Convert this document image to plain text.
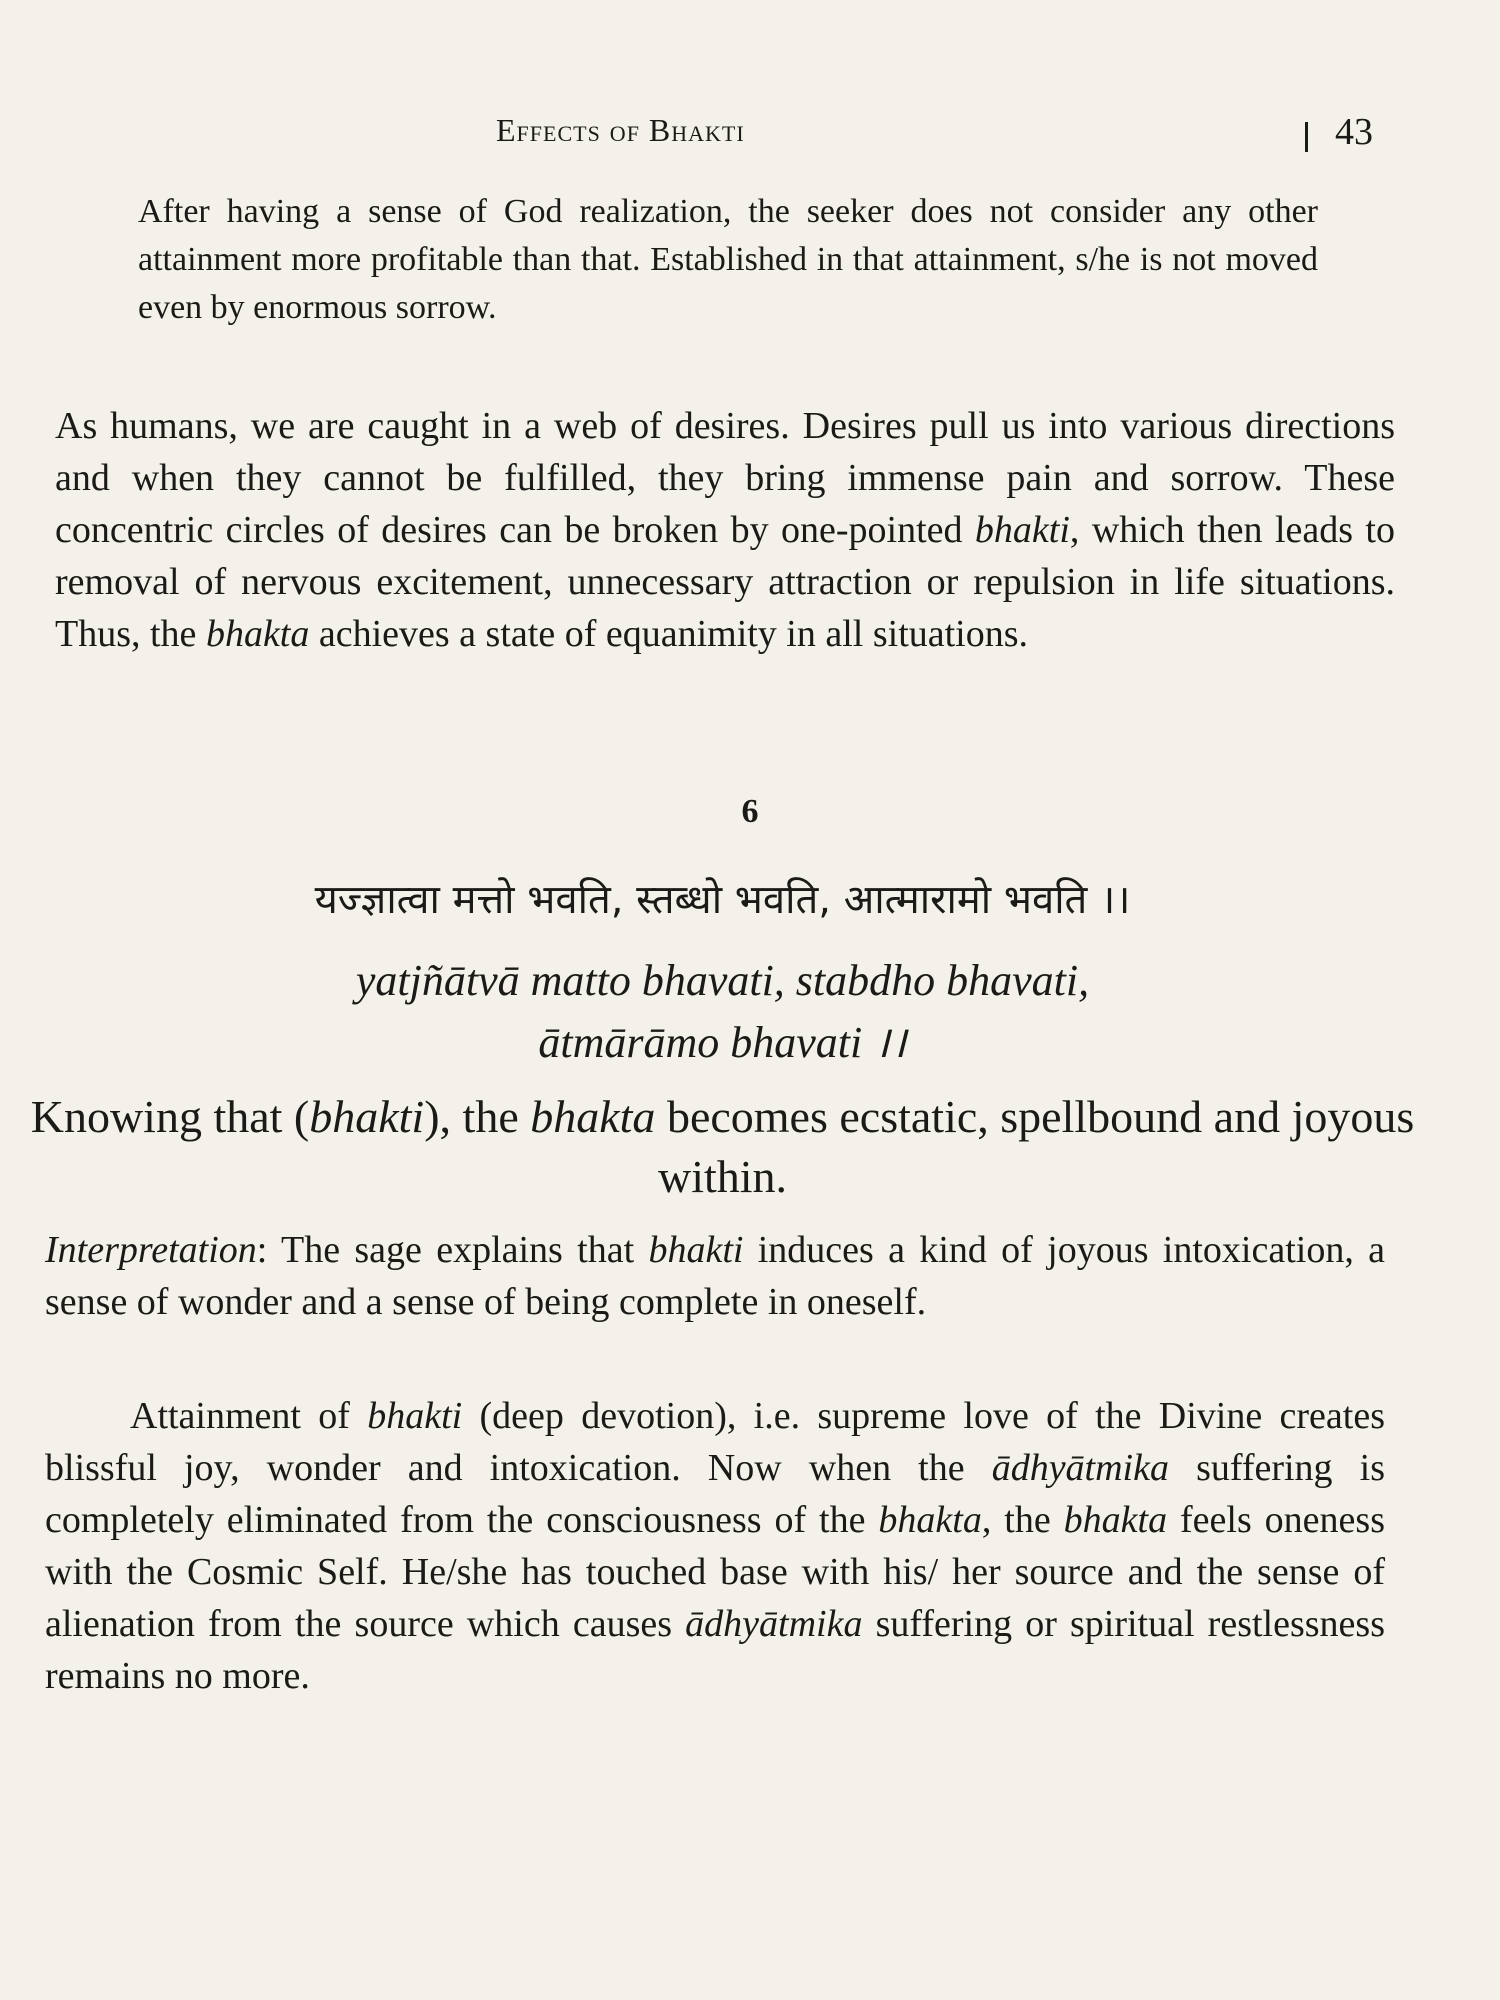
Effects of Bhakti	43

After having a sense of God realization, the seeker does not consider any other attainment more profitable than that. Established in that attainment, s/he is not moved even by enormous sorrow.

As humans, we are caught in a web of desires. Desires pull us into various directions and when they cannot be fulfilled, they bring immense pain and sorrow. These concentric circles of desires can be broken by one-pointed bhakti, which then leads to removal of nervous excitement, unnecessary attraction or repulsion in life situations. Thus, the bhakta achieves a state of equanimity in all situations.

6
यज्ज्ञात्वा मत्तो भवति, स्तब्धो भवति, आत्मारामो भवति ।।
yatjñātvā matto bhavati, stabdho bhavati,
ātmārāmo bhavati ।।
Knowing that (bhakti), the bhakta becomes ecstatic, spellbound and joyous within.

Interpretation: The sage explains that bhakti induces a kind of joyous intoxication, a sense of wonder and a sense of being complete in oneself.

Attainment of bhakti (deep devotion), i.e. supreme love of the Divine creates blissful joy, wonder and intoxication. Now when the ādhyātmika suffering is completely eliminated from the consciousness of the bhakta, the bhakta feels oneness with the Cosmic Self. He/she has touched base with his/ her source and the sense of alienation from the source which causes ādhyātmika suffering or spiritual restlessness remains no more.
